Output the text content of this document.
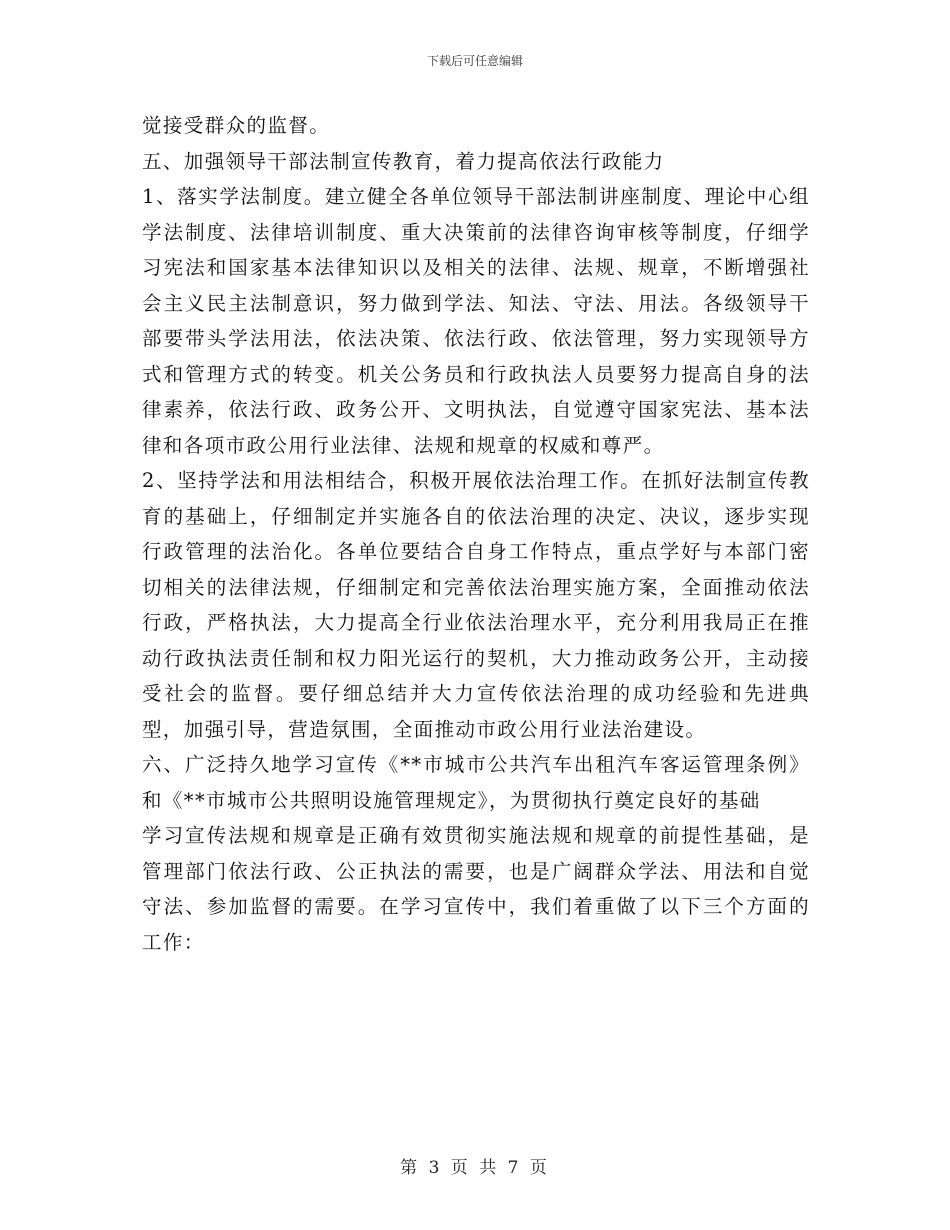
下载后可任意编辑

觉接受群众的监督。

五、加强领导干部法制宣传教育，着力提高依法行政能力

1、落实学法制度。建立健全各单位领导干部法制讲座制度、理论中心组学法制度、法律培训制度、重大决策前的法律咨询审核等制度，仔细学习宪法和国家基本法律知识以及相关的法律、法规、规章，不断增强社会主义民主法制意识，努力做到学法、知法、守法、用法。各级领导干部要带头学法用法，依法决策、依法行政、依法管理，努力实现领导方式和管理方式的转变。机关公务员和行政执法人员要努力提高自身的法律素养，依法行政、政务公开、文明执法，自觉遵守国家宪法、基本法律和各项市政公用行业法律、法规和规章的权威和尊严。

2、坚持学法和用法相结合，积极开展依法治理工作。在抓好法制宣传教育的基础上，仔细制定并实施各自的依法治理的决定、决议，逐步实现行政管理的法治化。各单位要结合自身工作特点，重点学好与本部门密切相关的法律法规，仔细制定和完善依法治理实施方案，全面推动依法行政，严格执法，大力提高全行业依法治理水平，充分利用我局正在推动行政执法责任制和权力阳光运行的契机，大力推动政务公开，主动接受社会的监督。要仔细总结并大力宣传依法治理的成功经验和先进典型，加强引导，营造氛围，全面推动市政公用行业法治建设。

六、广泛持久地学习宣传《**市城市公共汽车出租汽车客运管理条例》和《**市城市公共照明设施管理规定》，为贯彻执行奠定良好的基础

学习宣传法规和规章是正确有效贯彻实施法规和规章的前提性基础，是管理部门依法行政、公正执法的需要，也是广阔群众学法、用法和自觉守法、参加监督的需要。在学习宣传中，我们着重做了以下三个方面的工作：

第 3 页 共 7 页
